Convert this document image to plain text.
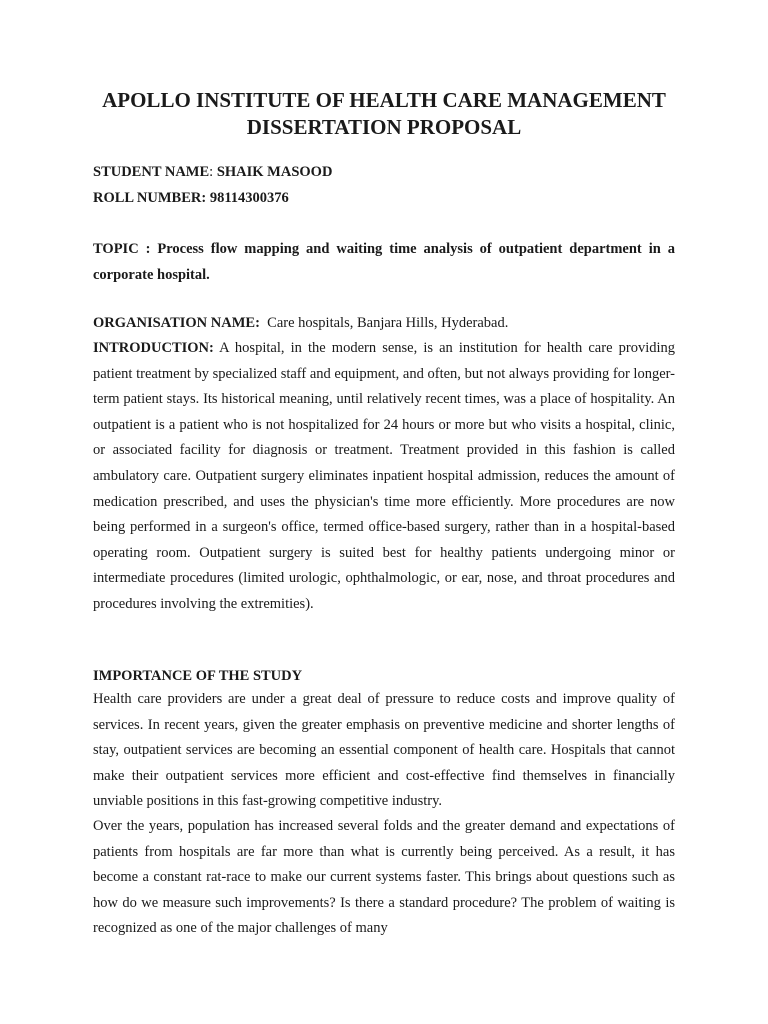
APOLLO INSTITUTE OF HEALTH CARE MANAGEMENT
DISSERTATION PROPOSAL

STUDENT NAME: SHAIK MASOOD

ROLL NUMBER: 98114300376

TOPIC : Process flow mapping and waiting time analysis of outpatient department in a corporate hospital.

ORGANISATION NAME: Care hospitals, Banjara Hills, Hyderabad.

INTRODUCTION: A hospital, in the modern sense, is an institution for health care providing patient treatment by specialized staff and equipment, and often, but not always providing for longer-term patient stays. Its historical meaning, until relatively recent times, was a place of hospitality. An outpatient is a patient who is not hospitalized for 24 hours or more but who visits a hospital, clinic, or associated facility for diagnosis or treatment. Treatment provided in this fashion is called ambulatory care. Outpatient surgery eliminates inpatient hospital admission, reduces the amount of medication prescribed, and uses the physician's time more efficiently. More procedures are now being performed in a surgeon's office, termed office-based surgery, rather than in a hospital-based operating room. Outpatient surgery is suited best for healthy patients undergoing minor or intermediate procedures (limited urologic, ophthalmologic, or ear, nose, and throat procedures and procedures involving the extremities).

IMPORTANCE OF THE STUDY

Health care providers are under a great deal of pressure to reduce costs and improve quality of services. In recent years, given the greater emphasis on preventive medicine and shorter lengths of stay, outpatient services are becoming an essential component of health care. Hospitals that cannot make their outpatient services more efficient and cost-effective find themselves in financially unviable positions in this fast-growing competitive industry.

Over the years, population has increased several folds and the greater demand and expectations of patients from hospitals are far more than what is currently being perceived. As a result, it has become a constant rat-race to make our current systems faster. This brings about questions such as how do we measure such improvements? Is there a standard procedure? The problem of waiting is recognized as one of the major challenges of many
